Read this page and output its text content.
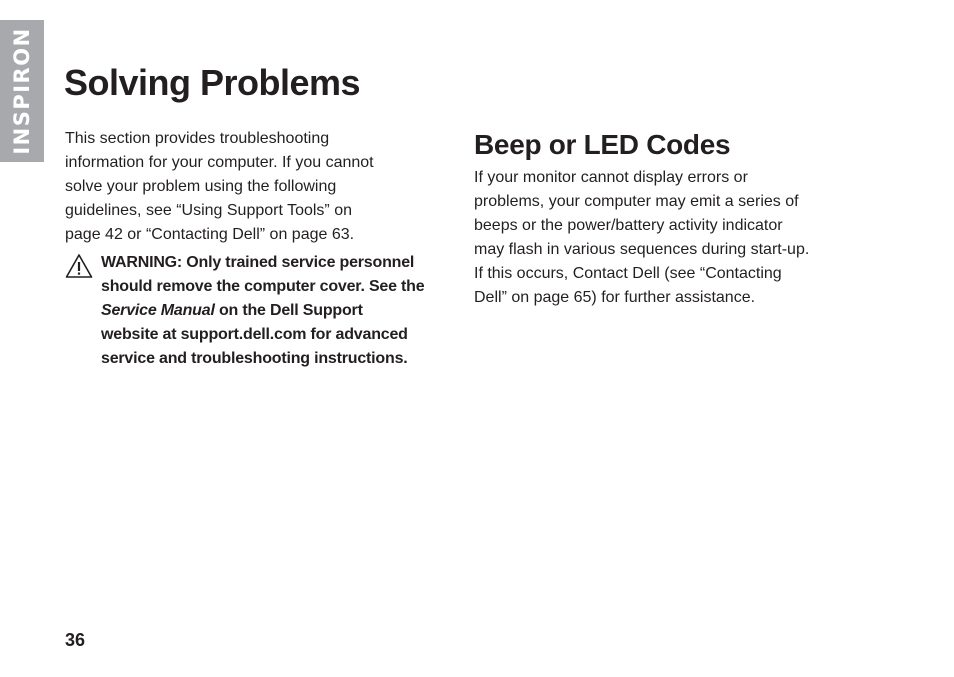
INSPIRON Solving Problems

This section provides troubleshooting
information for your computer. If you cannot
solve your problem using the following
guidelines, see “Using Support Tools” on
page 42 or “Contacting Dell” on page 63.

WARNING: Only trained service personnel
should remove the computer cover. See the
Service Manual on the Dell Support
website at support.dell.com for advanced
service and troubleshooting instructions.
Beep or LED Codes

If your monitor cannot display errors or
problems, your computer may emit a series of
beeps or the power/battery activity indicator
may flash in various sequences during start-up.
If this occurs, Contact Dell (see “Contacting
Dell” on page 65) for further assistance.

36
